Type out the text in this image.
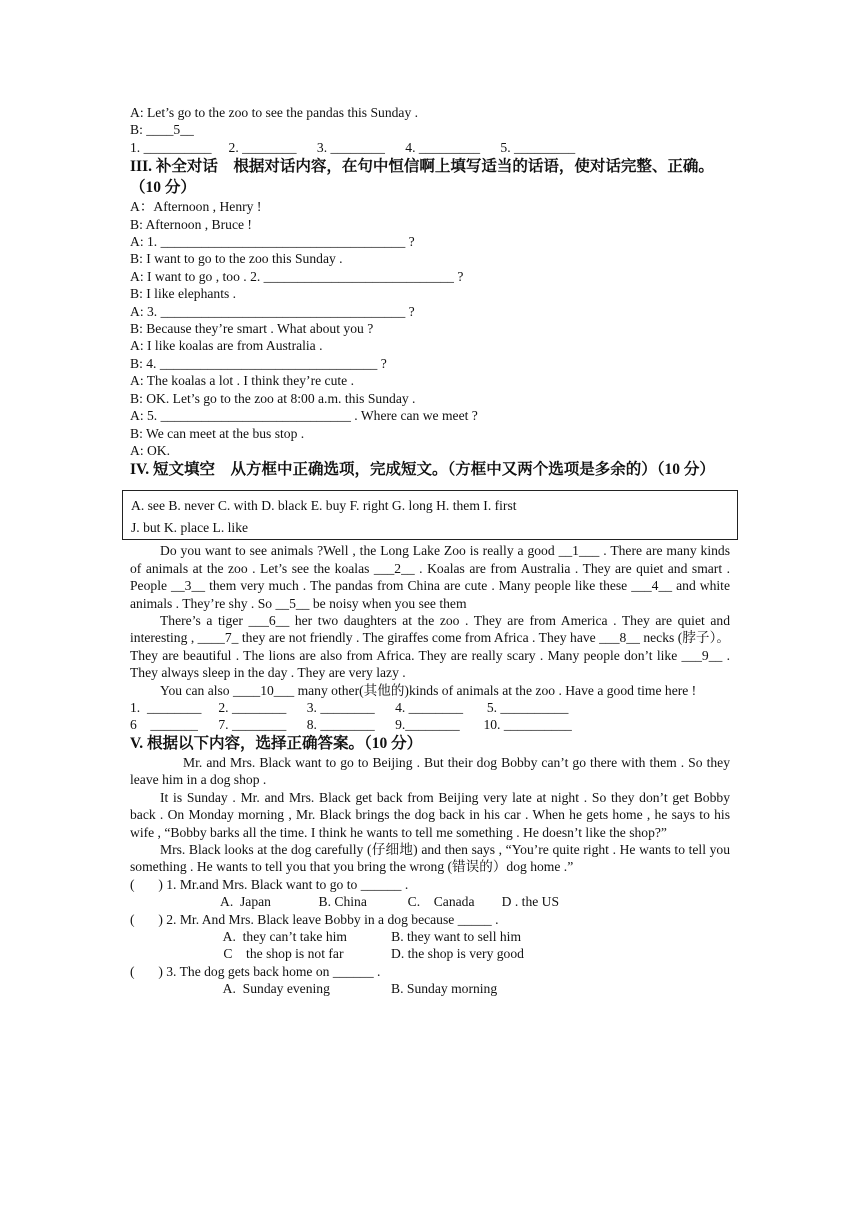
A: Let’s go to the zoo to see the pandas this Sunday .

B: ____5__

1. __________     2. ________      3. ________      4. _________      5. _________

III. 补全对话　根据对话内容，在句中恒信啊上填写适当的话语，使对话完整、正确。（10 分）

A：Afternoon , Henry !

B: Afternoon , Bruce !

A: 1. ____________________________________ ?

B: I want to go to the zoo this Sunday .

A: I want to go , too . 2. ____________________________ ?

B: I like elephants .

A: 3. ____________________________________ ?

B: Because they’re smart . What about you ?

A: I like koalas are from Australia .

B: 4. ________________________________ ?

A: The koalas a lot . I think they’re cute .

B: OK. Let’s go to the zoo at 8:00 a.m. this Sunday .

A: 5. ____________________________ . Where can we meet ?

B: We can meet at the bus stop .

A: OK.

IV. 短文填空　从方框中正确选项，完成短文。（方框中又两个选项是多余的）（10 分）

A. see B. never C. with D. black E. buy F. right G. long H. them I. first
J. but K. place L. like

Do you want to see animals ?Well , the Long Lake Zoo is really a good __1___ . There are many kinds of animals at the zoo . Let’s see the koalas ___2__ . Koalas are from Australia . They are quiet and smart . People __3__ them very much . The pandas from China are cute . Many people like these ___4__ and white animals . They’re shy . So __5__ be noisy when you see them

There’s a tiger ___6__ her two daughters at the zoo . They are from America . They are quiet and interesting , ____7_ they are not friendly . The giraffes come from Africa . They have ___8__ necks (脖子）。 They are beautiful . The lions are also from Africa. They are really scary . Many people don’t like ___9__ . They always sleep in the day . They are very lazy .

You can also ____10___ many other(其他的)kinds of animals at the zoo . Have a good time here !

1.  ________     2. ________      3. ________      4. ________       5. __________

6    _______      7. ________      8. ________      9.________       10. __________

V. 根据以下内容，选择正确答案。（10 分）

Mr. and Mrs. Black want to go to Beijing . But their dog Bobby can’t go there with them . So they leave him in a dog shop .

It is Sunday . Mr. and Mrs. Black get back from Beijing very late at night . So they don’t get Bobby back . On Monday morning , Mr. Black brings the dog back in his car . When he gets home , he says to his wife , “Bobby barks all the time. I think he wants to tell me something . He doesn’t like the shop?”

Mrs. Black looks at the dog carefully (仔细地) and then says , “You’re quite right . He wants to tell you something . He wants to tell you that you bring the wrong (错误的）dog home .”

(       ) 1. Mr.and Mrs. Black want to go to ______ .

A.  Japan              B. China            C.    Canada        D . the US

(       ) 2. Mr. And Mrs. Black leave Bobby in a dog because _____ .

A.  they can’t take him             B. they want to sell him

C    the shop is not far              D. the shop is very good

(       ) 3. The dog gets back home on ______ .

A.  Sunday evening                  B. Sunday morning
